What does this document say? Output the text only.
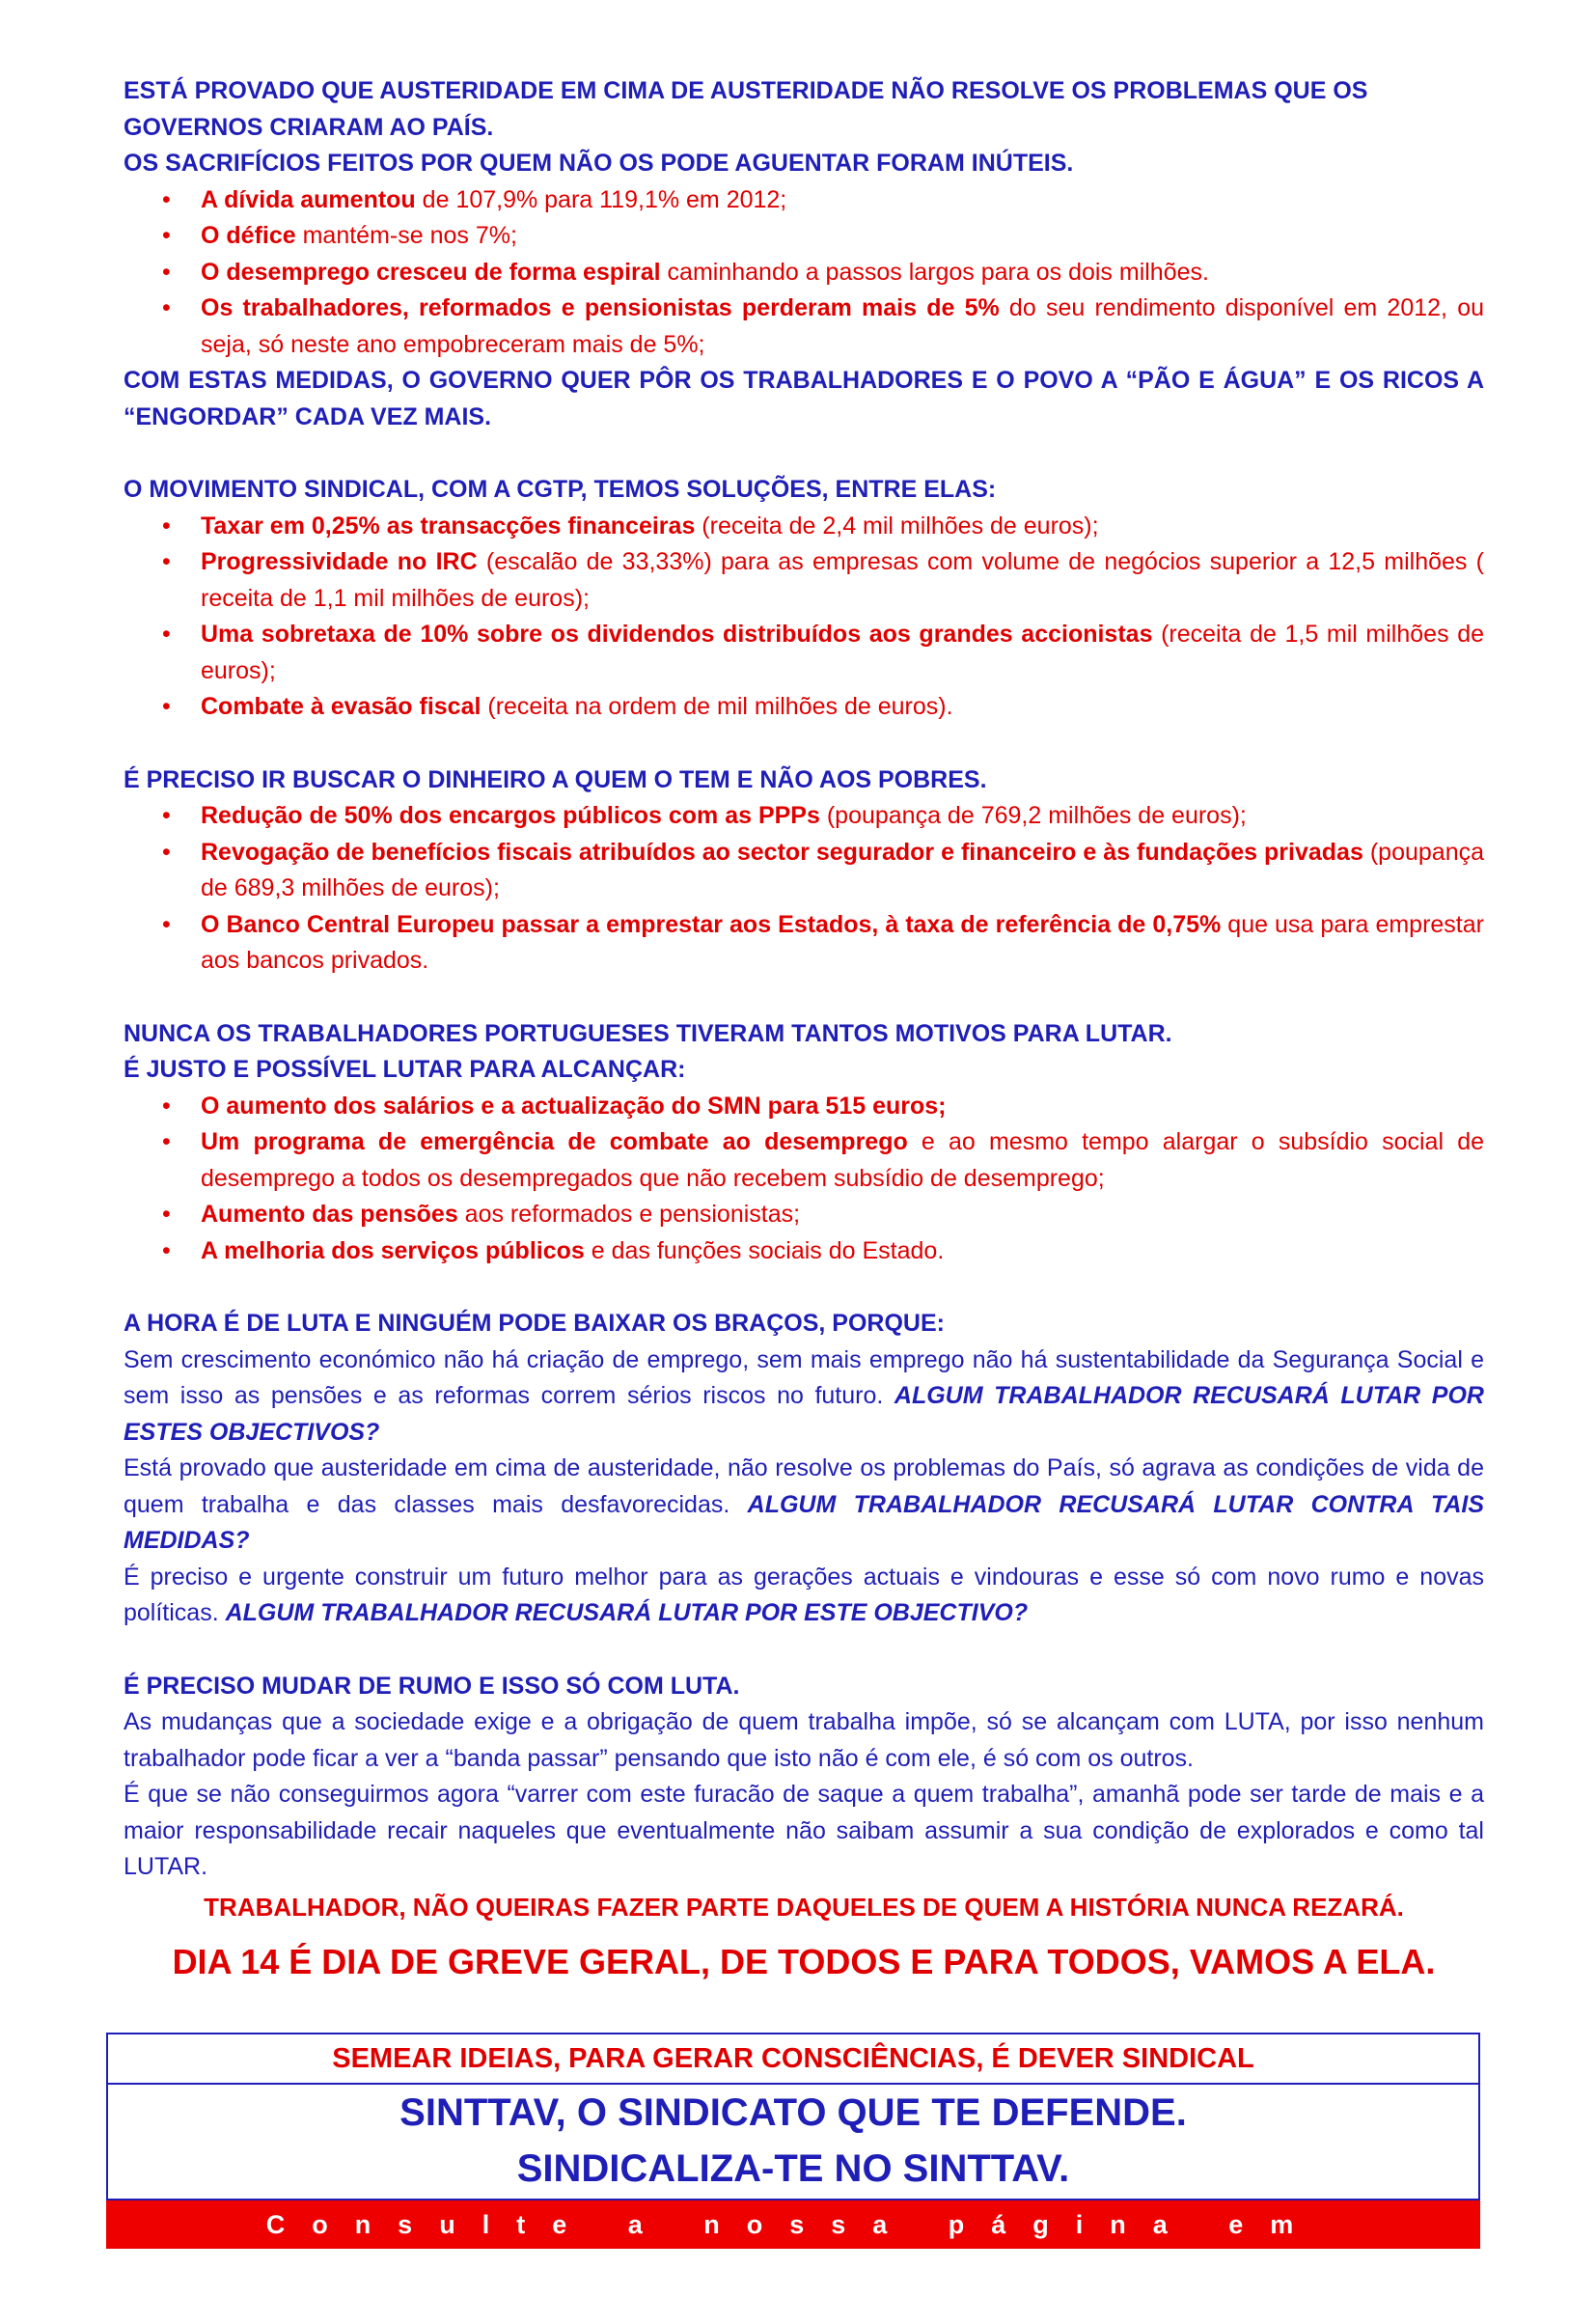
ESTÁ PROVADO QUE AUSTERIDADE EM CIMA DE AUSTERIDADE NÃO RESOLVE OS PROBLEMAS QUE OS GOVERNOS CRIARAM AO PAÍS.

OS SACRIFÍCIOS FEITOS POR QUEM NÃO OS PODE AGUENTAR FORAM INÚTEIS.

• A dívida aumentou de 107,9% para 119,1% em 2012;
• O défice mantém-se nos 7%;
• O desemprego cresceu de forma espiral caminhando a passos largos para os dois milhões.
• Os trabalhadores, reformados e pensionistas perderam mais de 5% do seu rendimento disponível em 2012, ou seja, só neste ano empobreceram mais de 5%;

COM ESTAS MEDIDAS, O GOVERNO QUER PÔR OS TRABALHADORES E O POVO A “PÃO E ÁGUA” E OS RICOS A “ENGORDAR” CADA VEZ MAIS.

O MOVIMENTO SINDICAL, COM A CGTP, TEMOS SOLUÇÕES, ENTRE ELAS:

• Taxar em 0,25% as transacções financeiras (receita de 2,4 mil milhões de euros);
• Progressividade no IRC (escalão de 33,33%) para as empresas com volume de negócios superior a 12,5 milhões ( receita de 1,1 mil milhões de euros);
• Uma sobretaxa de 10% sobre os dividendos distribuídos aos grandes accionistas (receita de 1,5 mil milhões de euros);
• Combate à evasão fiscal (receita na ordem de mil milhões de euros).

É PRECISO IR BUSCAR O DINHEIRO A QUEM O TEM E NÃO AOS POBRES.

• Redução de 50% dos encargos públicos com as PPPs (poupança de 769,2 milhões de euros);
• Revogação de benefícios fiscais atribuídos ao sector segurador e financeiro e às fundações privadas (poupança de 689,3 milhões de euros);
• O Banco Central Europeu passar a emprestar aos Estados, à taxa de referência de 0,75% que usa para emprestar aos bancos privados.

NUNCA OS TRABALHADORES PORTUGUESES TIVERAM TANTOS MOTIVOS PARA LUTAR.

É JUSTO E POSSÍVEL LUTAR PARA ALCANÇAR:

• O aumento dos salários e a actualização do SMN para 515 euros;
• Um programa de emergência de combate ao desemprego e ao mesmo tempo alargar o subsídio social de desemprego a todos os desempregados que não recebem subsídio de desemprego;
• Aumento das pensões aos reformados e pensionistas;
• A melhoria dos serviços públicos e das funções sociais do Estado.

A HORA É DE LUTA E NINGUÉM PODE BAIXAR OS BRAÇOS, PORQUE:

Sem crescimento económico não há criação de emprego, sem mais emprego não há sustentabilidade da Segurança Social e sem isso as pensões e as reformas correm sérios riscos no futuro. ALGUM TRABALHADOR RECUSARÁ LUTAR POR ESTES OBJECTIVOS?

Está provado que austeridade em cima de austeridade, não resolve os problemas do País, só agrava as condições de vida de quem trabalha e das classes mais desfavorecidas. ALGUM TRABALHADOR RECUSARÁ LUTAR CONTRA TAIS MEDIDAS?

É preciso e urgente construir um futuro melhor para as gerações actuais e vindouras e esse só com novo rumo e novas políticas. ALGUM TRABALHADOR RECUSARÁ LUTAR POR ESTE OBJECTIVO?

É PRECISO MUDAR DE RUMO E ISSO SÓ COM LUTA.

As mudanças que a sociedade exige e a obrigação de quem trabalha impõe, só se alcançam com LUTA, por isso nenhum trabalhador pode ficar a ver a “banda passar” pensando que isto não é com ele, é só com os outros.

É que se não conseguirmos agora “varrer com este furacão de saque a quem trabalha”, amanhã pode ser tarde de mais e a maior responsabilidade recair naqueles que eventualmente não saibam assumir a sua condição de explorados e como tal LUTAR.

TRABALHADOR, NÃO QUEIRAS FAZER PARTE DAQUELES DE QUEM A HISTÓRIA NUNCA REZARÁ.

DIA 14 É DIA DE GREVE GERAL, DE TODOS E PARA TODOS, VAMOS A ELA.

SEMEAR IDEIAS, PARA GERAR CONSCIÊNCIAS, É DEVER SINDICAL
SINTTAV, O SINDICATO QUE TE DEFENDE.
SINDICALIZA-TE NO SINTTAV.
Consulte a nossa página em www.sinttav.org
